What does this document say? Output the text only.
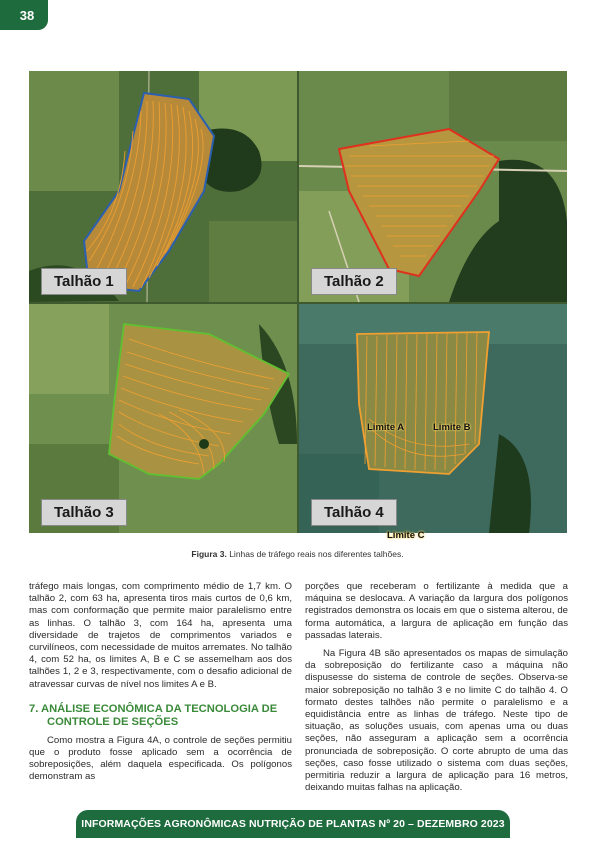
38
Talhão 1	Talhão 2
Talhão 3
Limite A	Limite B
Limite C
Talhão 4
Figura 3. Linhas de tráfego reais nos diferentes talhões.

tráfego mais longas, com comprimento médio de 1,7 km. O talhão 2, com 63 ha, apresenta tiros mais curtos de 0,6 km, mas com conformação que permite maior paralelismo entre as linhas. O talhão 3, com 164 ha, apresenta uma diversidade de trajetos de comprimentos variados e curvilíneos, com necessidade de muitos arremates. No talhão 4, com 52 ha, os limites A, B e C se assemelham aos dos talhões 1, 2 e 3, respectivamente, com o desafio adicional de atravessar curvas de nível nos limites A e B.

7. ANÁLISE ECONÔMICA DA TECNOLOGIA DE
CONTROLE DE SEÇÕES

Como mostra a Figura 4A, o controle de seções permitiu que o produto fosse aplicado sem a ocorrência de sobreposições, além daquela especificada. Os polígonos demonstram as

porções que receberam o fertilizante à medida que a máquina se deslocava. A variação da largura dos polígonos registrados demonstra os locais em que o sistema alterou, de forma automática, a largura de aplicação em função das passadas laterais.

Na Figura 4B são apresentados os mapas de simulação da sobreposição do fertilizante caso a máquina não dispusesse do sistema de controle de seções. Observa-se maior sobreposição no talhão 3 e no limite C do talhão 4. O formato destes talhões não permite o paralelismo e a equidistância entre as linhas de tráfego. Neste tipo de situação, as soluções usuais, com apenas uma ou duas seções, não asseguram a aplicação sem a ocorrência pronunciada de sobreposição. O corte abrupto de uma das seções, caso fosse utilizado o sistema com duas seções, permitiria reduzir a largura de aplicação para 16 metros, deixando muitas falhas na aplicação.

INFORMAÇÕES AGRONÔMICAS NUTRIÇÃO DE PLANTAS Nº 20 – DEZEMBRO 2023
